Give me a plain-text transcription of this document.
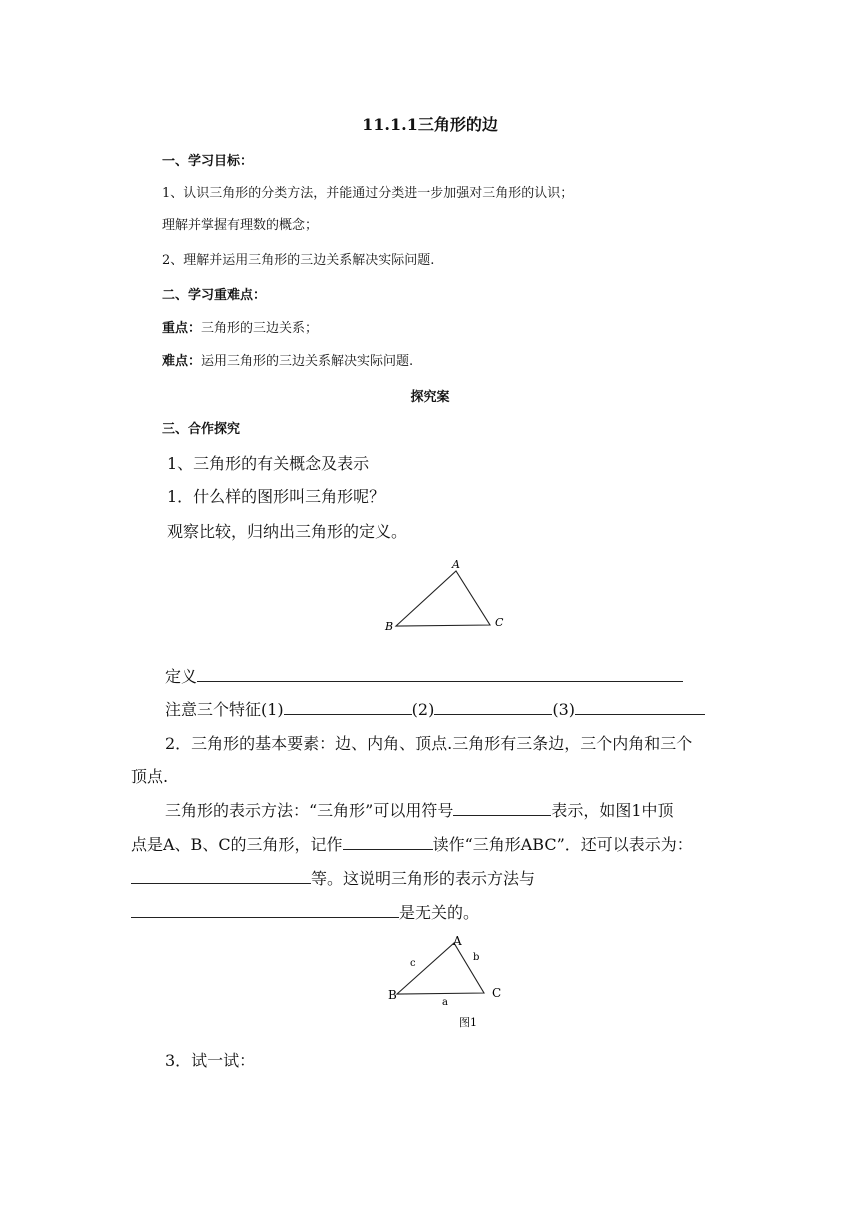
11.1.1三角形的边
一、学习目标：
1、认识三角形的分类方法，并能通过分类进一步加强对三角形的认识；
理解并掌握有理数的概念；
2、理解并运用三角形的三边关系解决实际问题.
二、学习重难点：
重点：三角形的三边关系；
难点：运用三角形的三边关系解决实际问题.
探究案
三、合作探究
1、三角形的有关概念及表示
1．什么样的图形叫三角形呢？
观察比较，归纳出三角形的定义。
A
B	C
定义
注意三个特征(1)	(2)	(3)
2．三角形的基本要素：边、内角、顶点.三角形有三条边，三个内角和三个
顶点.
三角形的表示方法：“三角形”可以用符号	表示，如图1中顶
点是A、B、C的三角形，记作	读作“三角形ABC”．还可以表示为：
等。这说明三角形的表示方法与
是无关的。
A
B	C
b
c
a
图1
3．试一试：
